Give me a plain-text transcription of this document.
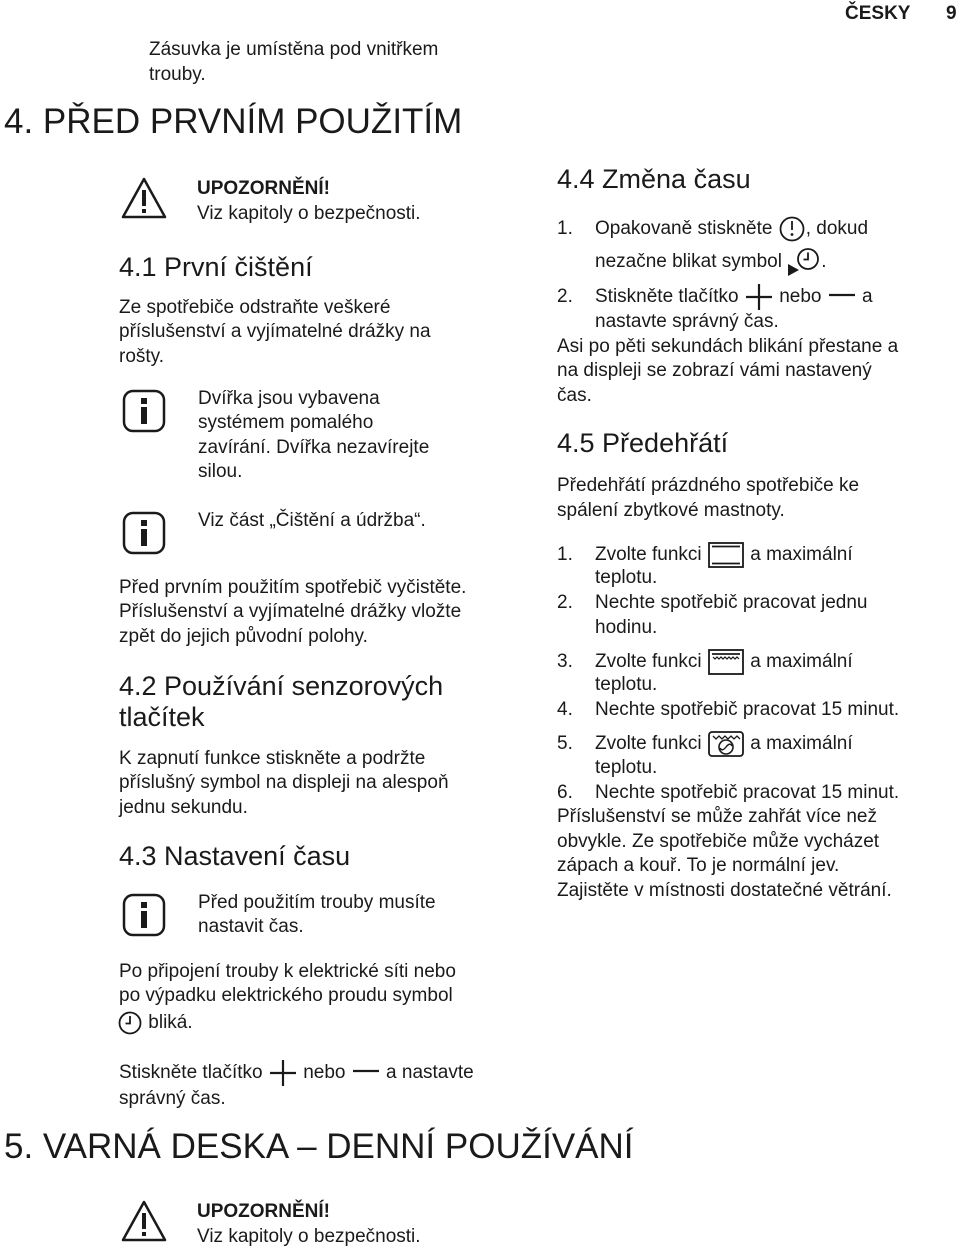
ČESKY 9
Zásuvka je umístěna pod vnitřkem
trouby.
4. PŘED PRVNÍM POUŽITÍM
UPOZORNĚNÍ!
Viz kapitoly o bezpečnosti.
4.1 První čištění
Ze spotřebiče odstraňte veškeré
příslušenství a vyjímatelné drážky na
rošty.
Dvířka jsou vybavena
systémem pomalého
zavírání. Dvířka nezavírejte
silou.
Viz část „Čištění a údržba“.
Před prvním použitím spotřebič vyčistěte.
Příslušenství a vyjímatelné drážky vložte
zpět do jejich původní polohy.
4.2 Používání senzorových
tlačítek
K zapnutí funkce stiskněte a podržte
příslušný symbol na displeji na alespoň
jednu sekundu.
4.3 Nastavení času
Před použitím trouby musíte
nastavit čas.
Po připojení trouby k elektrické síti nebo
po výpadku elektrického proudu symbol
bliká.
Stiskněte tlačítko nebo a nastavte
správný čas.
5. VARNÁ DESKA – DENNÍ POUŽÍVÁNÍ
UPOZORNĚNÍ!
Viz kapitoly o bezpečnosti.
4.4 Změna času
1. Opakovaně stiskněte , dokud
nezačne blikat symbol .
2. Stiskněte tlačítko nebo a
nastavte správný čas.
Asi po pěti sekundách blikání přestane a
na displeji se zobrazí vámi nastavený
čas.
4.5 Předehřátí
Předehřátí prázdného spotřebiče ke
spálení zbytkové mastnoty.
1. Zvolte funkci	a maximální
teplotu.
2. Nechte spotřebič pracovat jednu
hodinu.
3. Zvolte funkci	a maximální
teplotu.
4. Nechte spotřebič pracovat 15 minut.
5. Zvolte funkci	a maximální
teplotu.
6. Nechte spotřebič pracovat 15 minut.
Příslušenství se může zahřát více než
obvykle. Ze spotřebiče může vycházet
zápach a kouř. To je normální jev.
Zajistěte v místnosti dostatečné větrání.
